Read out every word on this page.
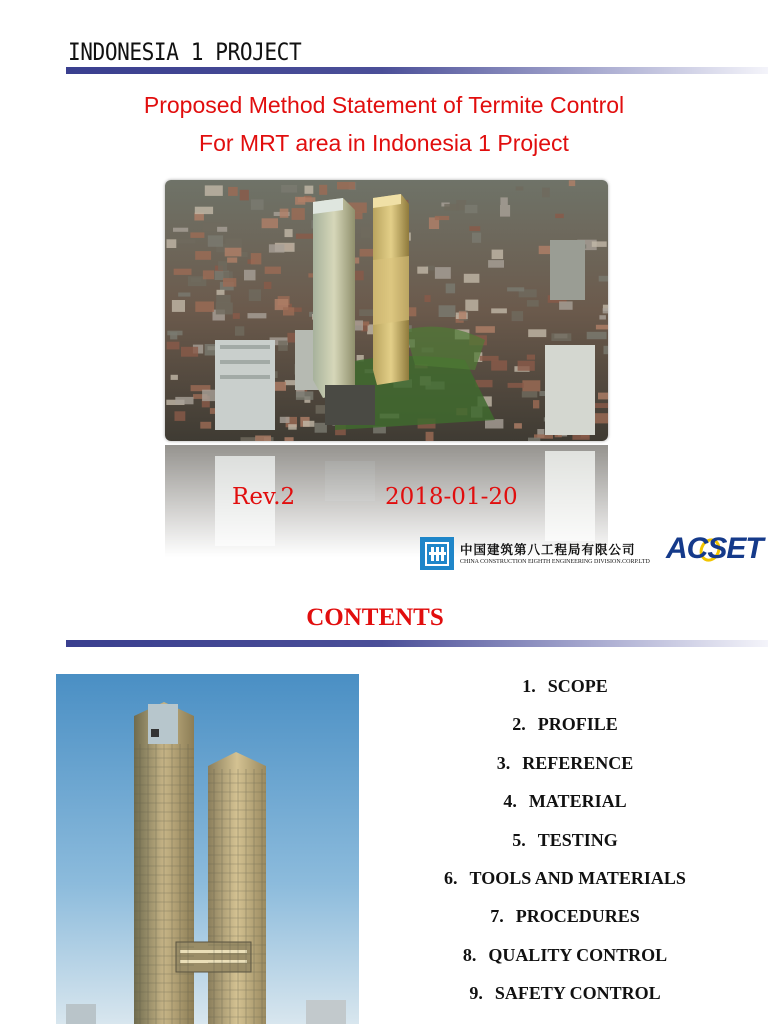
INDONESIA 1 PROJECT
Proposed Method Statement of Termite Control
For MRT area in Indonesia 1 Project
Rev.2	2018-01-20
中国建筑第八工程局有限公司
CHINA CONSTRUCTION EIGHTH ENGINEERING DIVISION.CORP.LTD ACSET
CONTENTS
1. SCOPE
2. PROFILE
3. REFERENCE
4. MATERIAL
5. TESTING
6. TOOLS AND MATERIALS
7. PROCEDURES
8. QUALITY CONTROL
9. SAFETY CONTROL
